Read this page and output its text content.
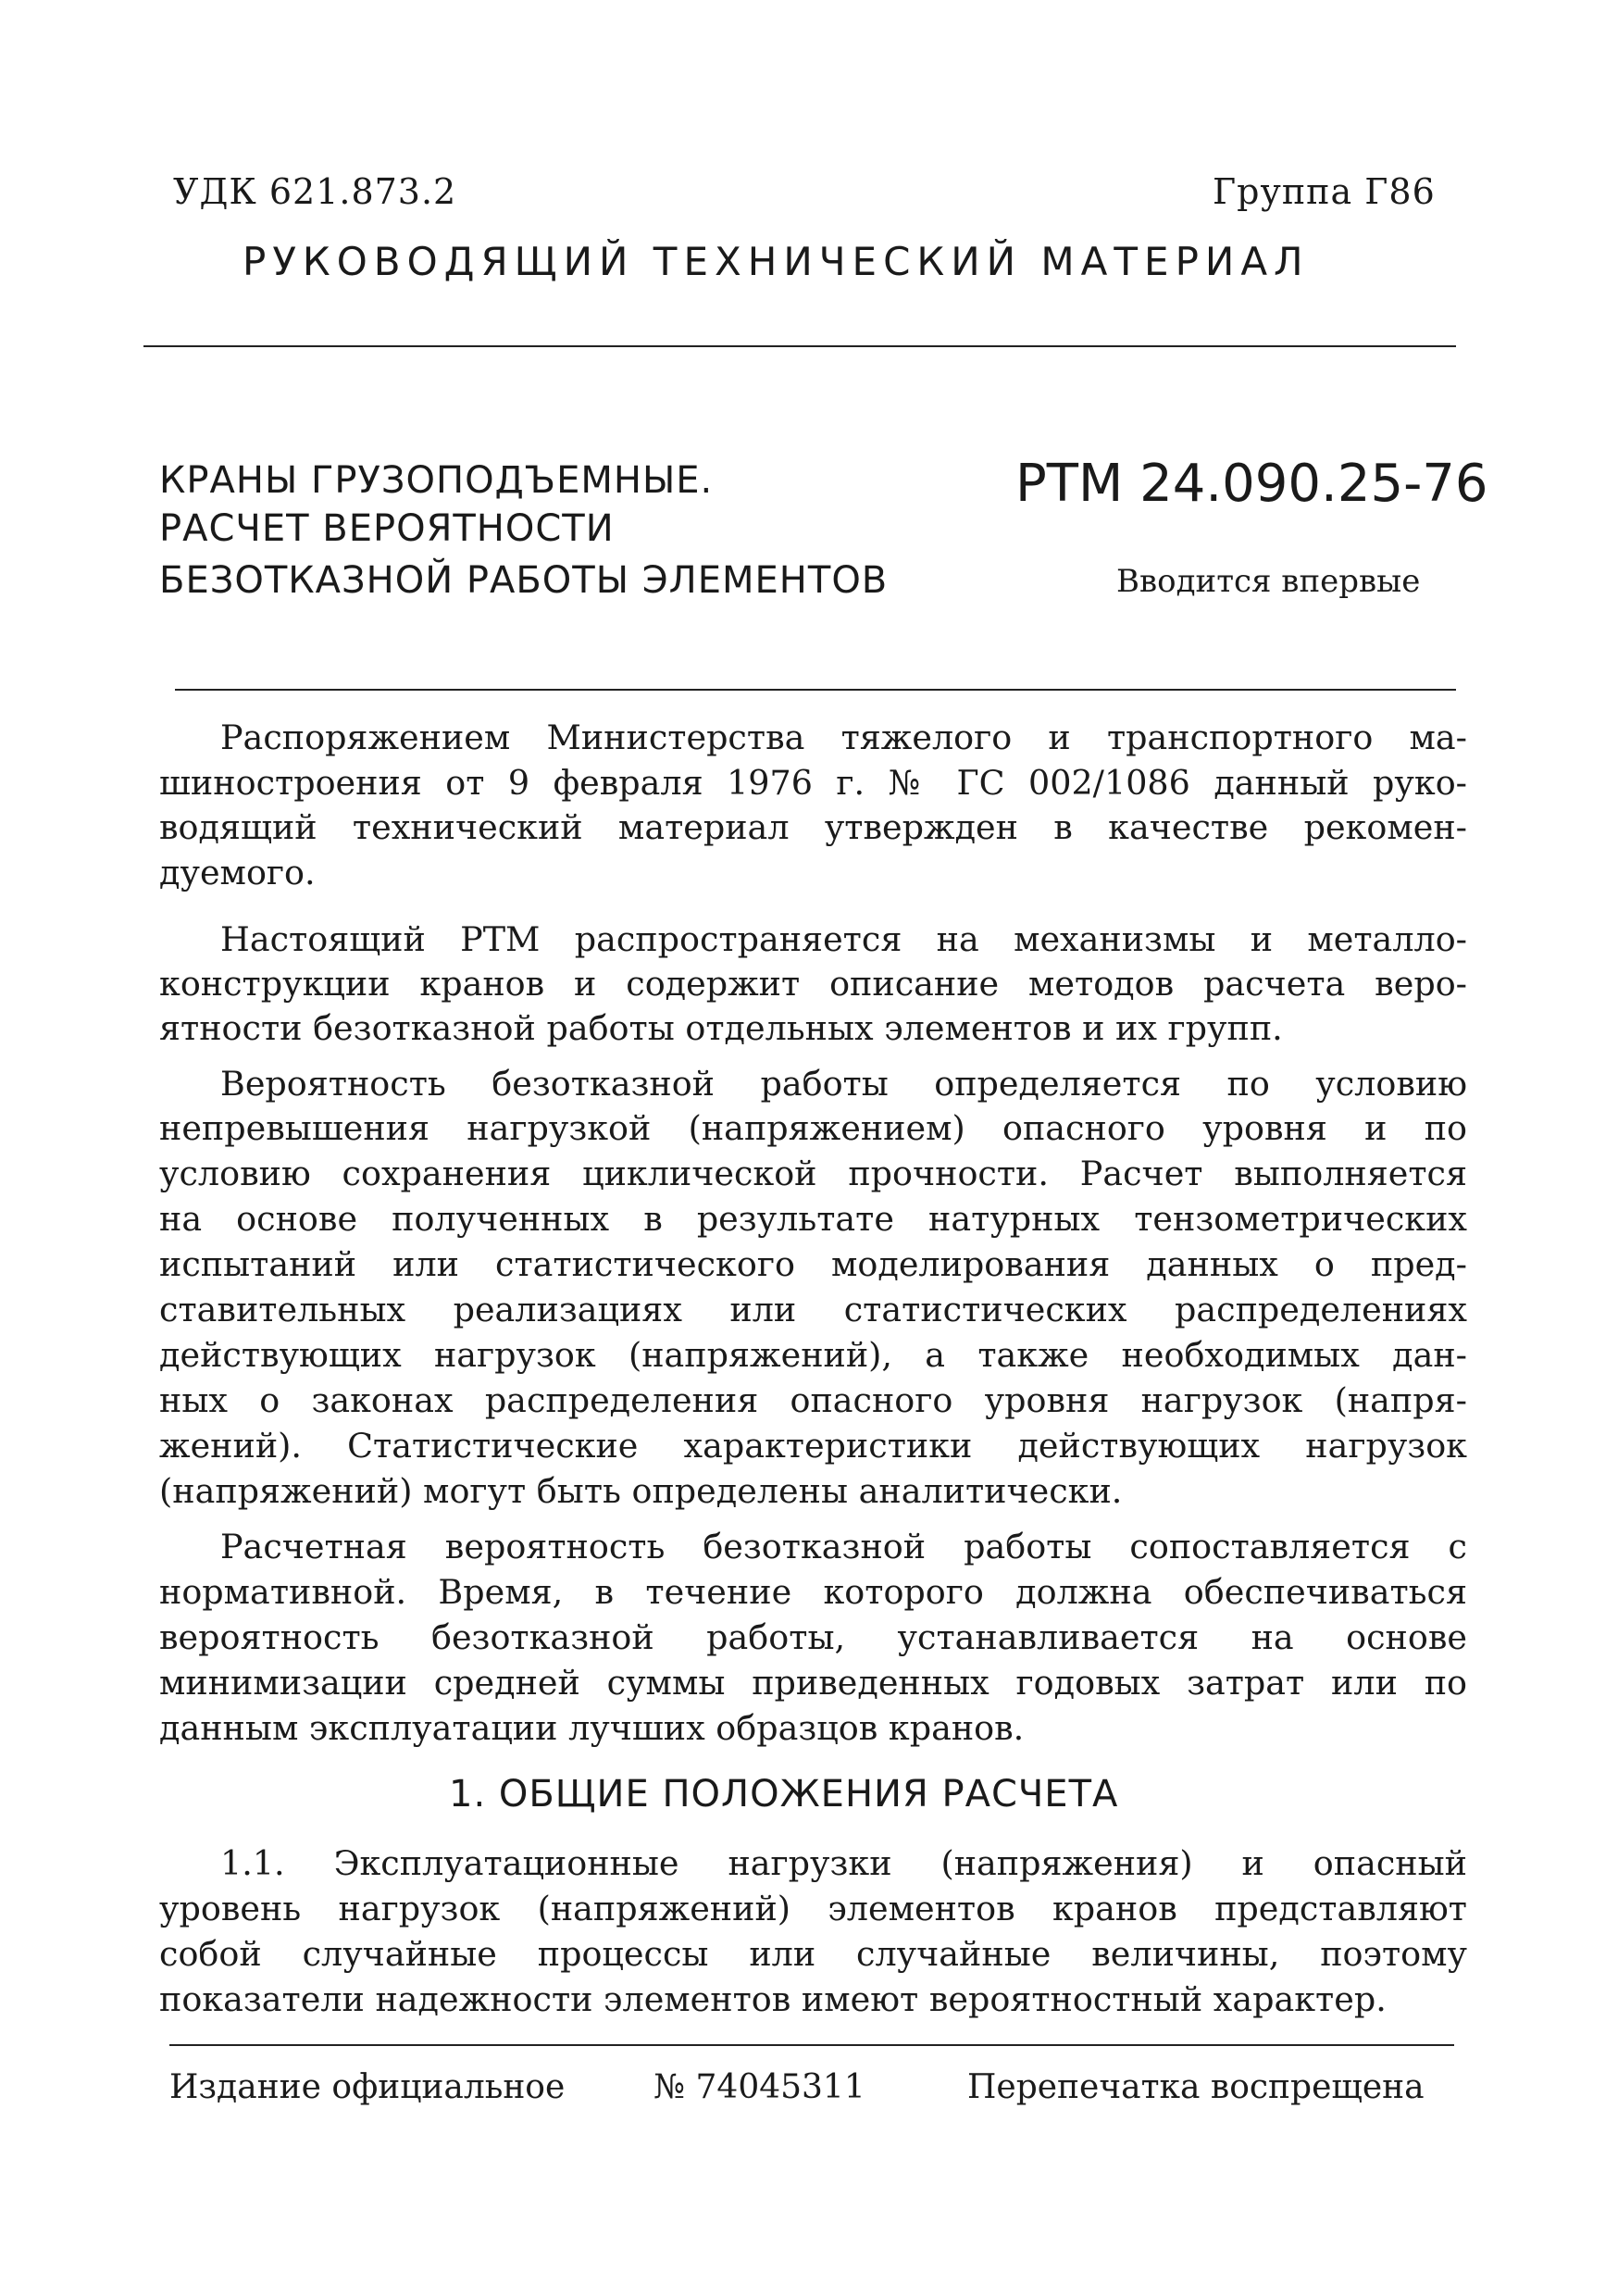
УДК 621.873.2	Группа Г86
РУКОВОДЯЩИЙ ТЕХНИЧЕСКИЙ МАТЕРИАЛ
КРАНЫ ГРУЗОПОДЪЕМНЫЕ.
РАСЧЕТ ВЕРОЯТНОСТИ
БЕЗОТКАЗНОЙ РАБОТЫ ЭЛЕМЕНТОВ
РТМ 24.090.25-76
Вводится впервые
Распоряжением Министерства тяжелого и транспортного ма-
шиностроения от 9 февраля 1976 г. № ГС 002/1086 данный руко-
водящий технический материал утвержден в качестве рекомен-
дуемого.
Настоящий РТМ распространяется на механизмы и металло-
конструкции кранов и содержит описание методов расчета веро-
ятности безотказной работы отдельных элементов и их групп.
Вероятность безотказной работы определяется по условию
непревышения нагрузкой (напряжением) опасного уровня и по
условию сохранения циклической прочности. Расчет выполняется
на основе полученных в результате натурных тензометрических
испытаний или статистического моделирования данных о пред-
ставительных реализациях или статистических распределениях
действующих нагрузок (напряжений), а также необходимых дан-
ных о законах распределения опасного уровня нагрузок (напря-
жений). Статистические характеристики действующих нагрузок
(напряжений) могут быть определены аналитически.
Расчетная вероятность безотказной работы сопоставляется с
нормативной. Время, в течение которого должна обеспечиваться
вероятность безотказной работы, устанавливается на основе
минимизации средней суммы приведенных годовых затрат или по
данным эксплуатации лучших образцов кранов.
1. ОБЩИЕ ПОЛОЖЕНИЯ РАСЧЕТА
1.1. Эксплуатационные нагрузки (напряжения) и опасный
уровень нагрузок (напряжений) элементов кранов представляют
собой случайные процессы или случайные величины, поэтому
показатели надежности элементов имеют вероятностный характер.
Издание официальное	№ 74045311	Перепечатка воспрещена
